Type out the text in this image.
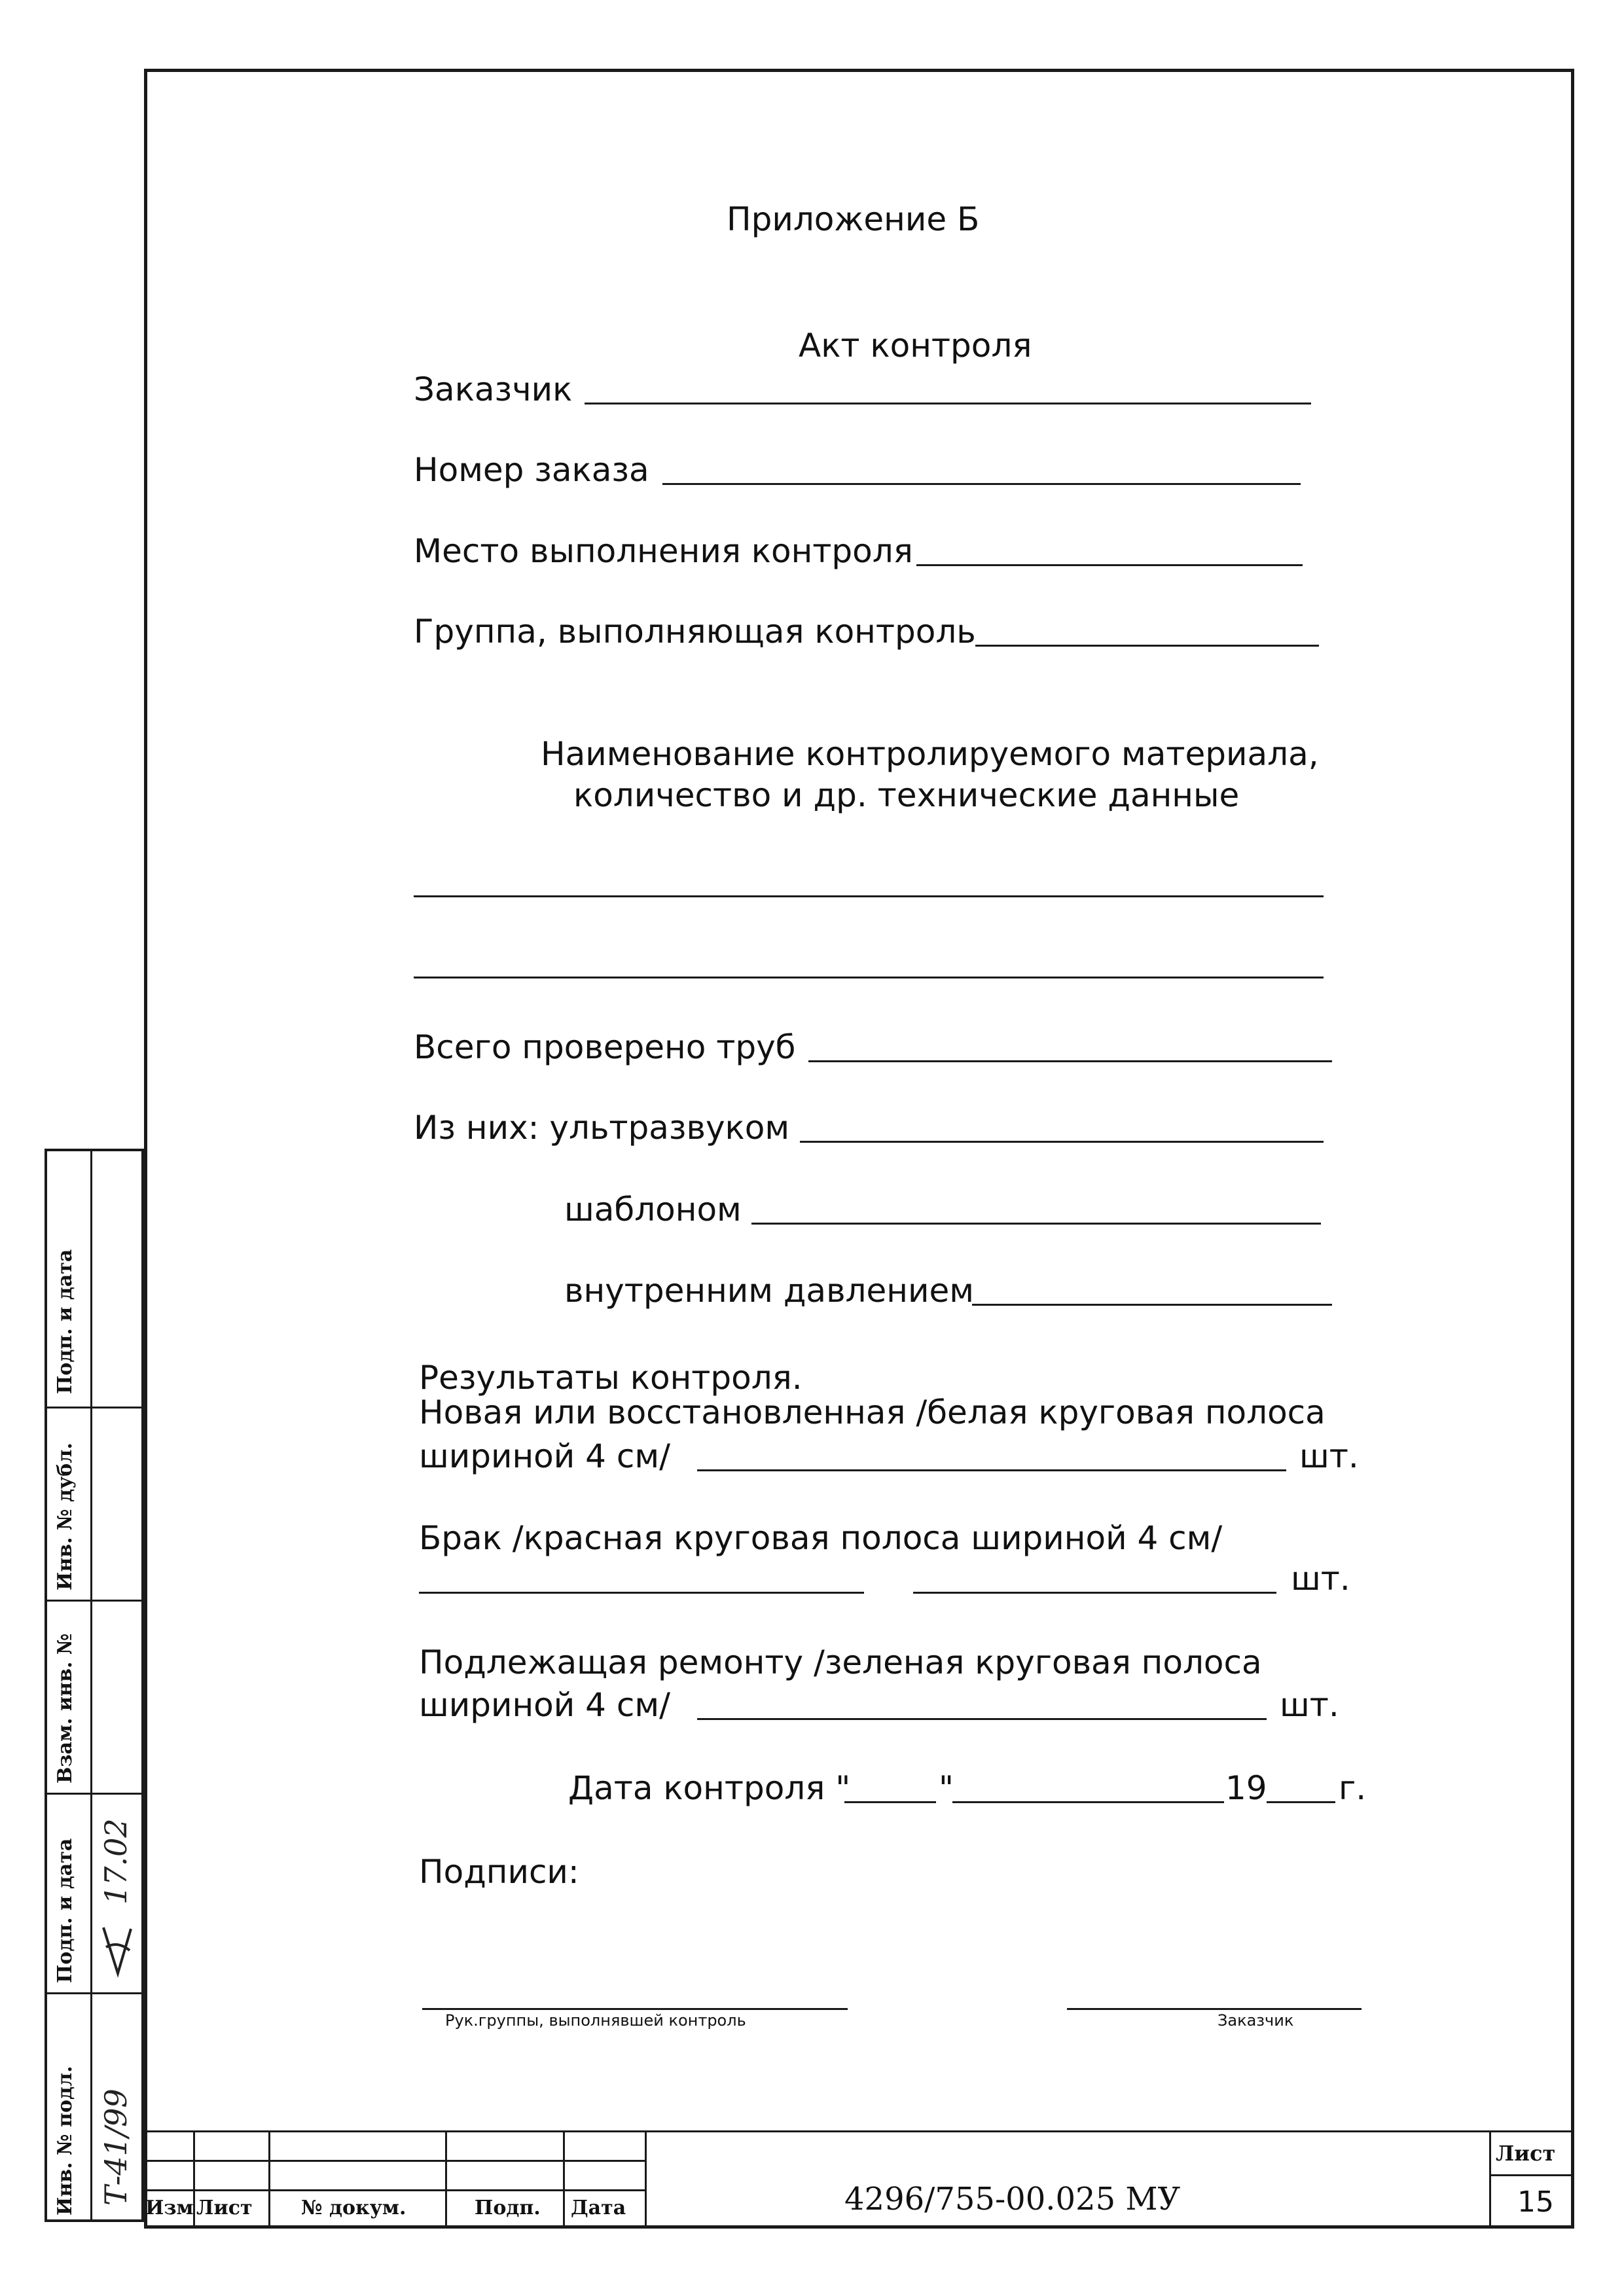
Приложение Б
Акт контроля
Заказчик
Номер заказа
Место выполнения контроля
Группа, выполняющая контроль
Наименование контролируемого материала,
количество и др. технические данные
Всего проверено труб
Из них: ультразвуком
шаблоном
внутренним давлением
Результаты контроля.
Новая или восстановленная /белая круговая полоса
шириной 4 см/	шт.
Брак /красная круговая полоса шириной 4 см/
шт.
Подлежащая ремонту /зеленая круговая полоса
шириной 4 см/	шт.
Дата контроля "	"	19 г.
Подписи:
Рук.группы, выполнявшей контроль	Заказчик
Изм Лист № докум.	Подп. Дата	4296/755-00.025 МУ
Лист
15
Инв. № подл.
Подп. и дата
Взам. инв. №
Инв. № дубл.
Подп. и дата
Т-41/99
17.02
